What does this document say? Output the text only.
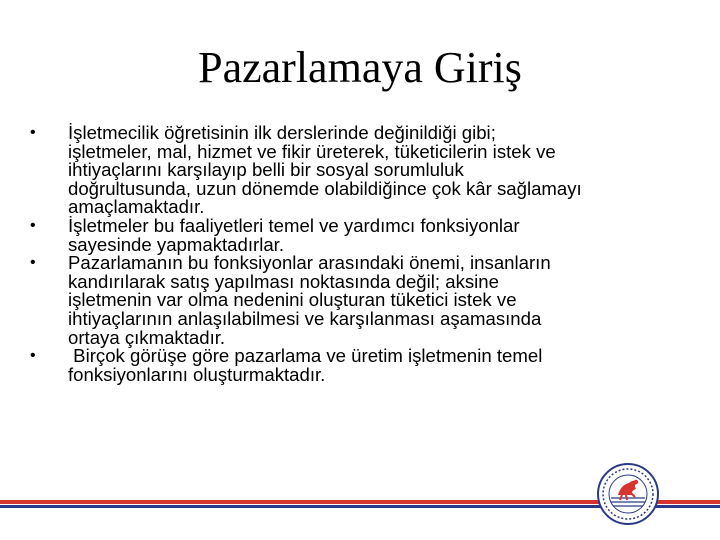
Pazarlamaya Giriş
•	İşletmecilik öğretisinin ilk derslerinde değinildiği gibi;
işletmeler, mal, hizmet ve fikir üreterek, tüketicilerin istek ve
ihtiyaçlarını karşılayıp belli bir sosyal sorumluluk
doğrultusunda, uzun dönemde olabildiğince çok kâr sağlamayı
amaçlamaktadır.
•	İşletmeler bu faaliyetleri temel ve yardımcı fonksiyonlar
sayesinde yapmaktadırlar.
•	Pazarlamanın bu fonksiyonlar arasındaki önemi, insanların
kandırılarak satış yapılması noktasında değil; aksine
işletmenin var olma nedenini oluşturan tüketici istek ve
ihtiyaçlarının anlaşılabilmesi ve karşılanması aşamasında
ortaya çıkmaktadır.
•	Birçok görüşe göre pazarlama ve üretim işletmenin temel
fonksiyonlarını oluşturmaktadır.
